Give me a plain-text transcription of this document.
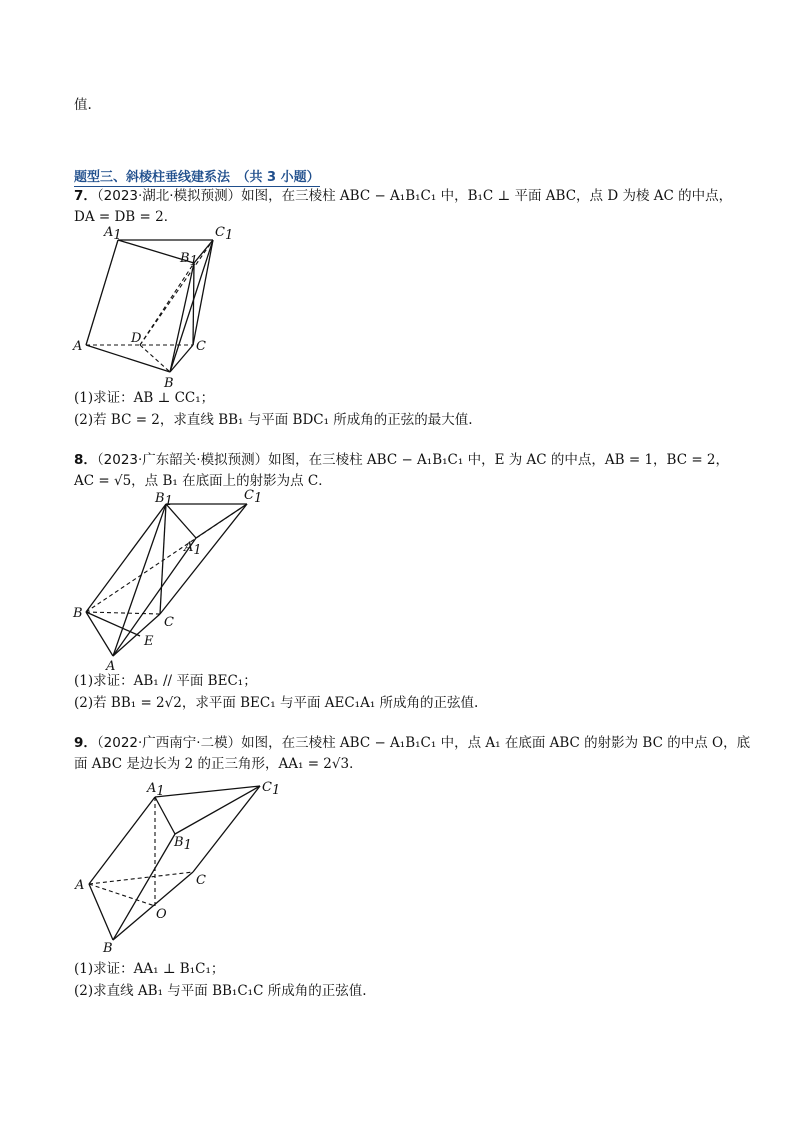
值.
题型三、斜棱柱垂线建系法　（共 3 小题）
7．（2023·湖北·模拟预测）如图，在三棱柱 ABC − A₁B₁C₁ 中，B₁C ⊥ 平面 ABC，点 D 为棱 AC 的中点，
DA = DB = 2．
A1	C1
B1
A
D
C
B
(1)求证：AB ⊥ CC₁；
(2)若 BC = 2，求直线 BB₁ 与平面 BDC₁ 所成角的正弦的最大值.
8．（2023·广东韶关·模拟预测）如图，在三棱柱 ABC − A₁B₁C₁ 中，E 为 AC 的中点，AB = 1，BC = 2，
AC = √5，点 B₁ 在底面上的射影为点 C．
B1	C1
A1
B
C
E
A
(1)求证：AB₁ // 平面 BEC₁；
(2)若 BB₁ = 2√2，求平面 BEC₁ 与平面 AEC₁A₁ 所成角的正弦值.
9．（2022·广西南宁·二模）如图，在三棱柱 ABC − A₁B₁C₁ 中，点 A₁ 在底面 ABC 的射影为 BC 的中点 O，底
面 ABC 是边长为 2 的正三角形，AA₁ = 2√3．
A1	C1
B1
A	C
O
B
(1)求证：AA₁ ⊥ B₁C₁；
(2)求直线 AB₁ 与平面 BB₁C₁C 所成角的正弦值.
